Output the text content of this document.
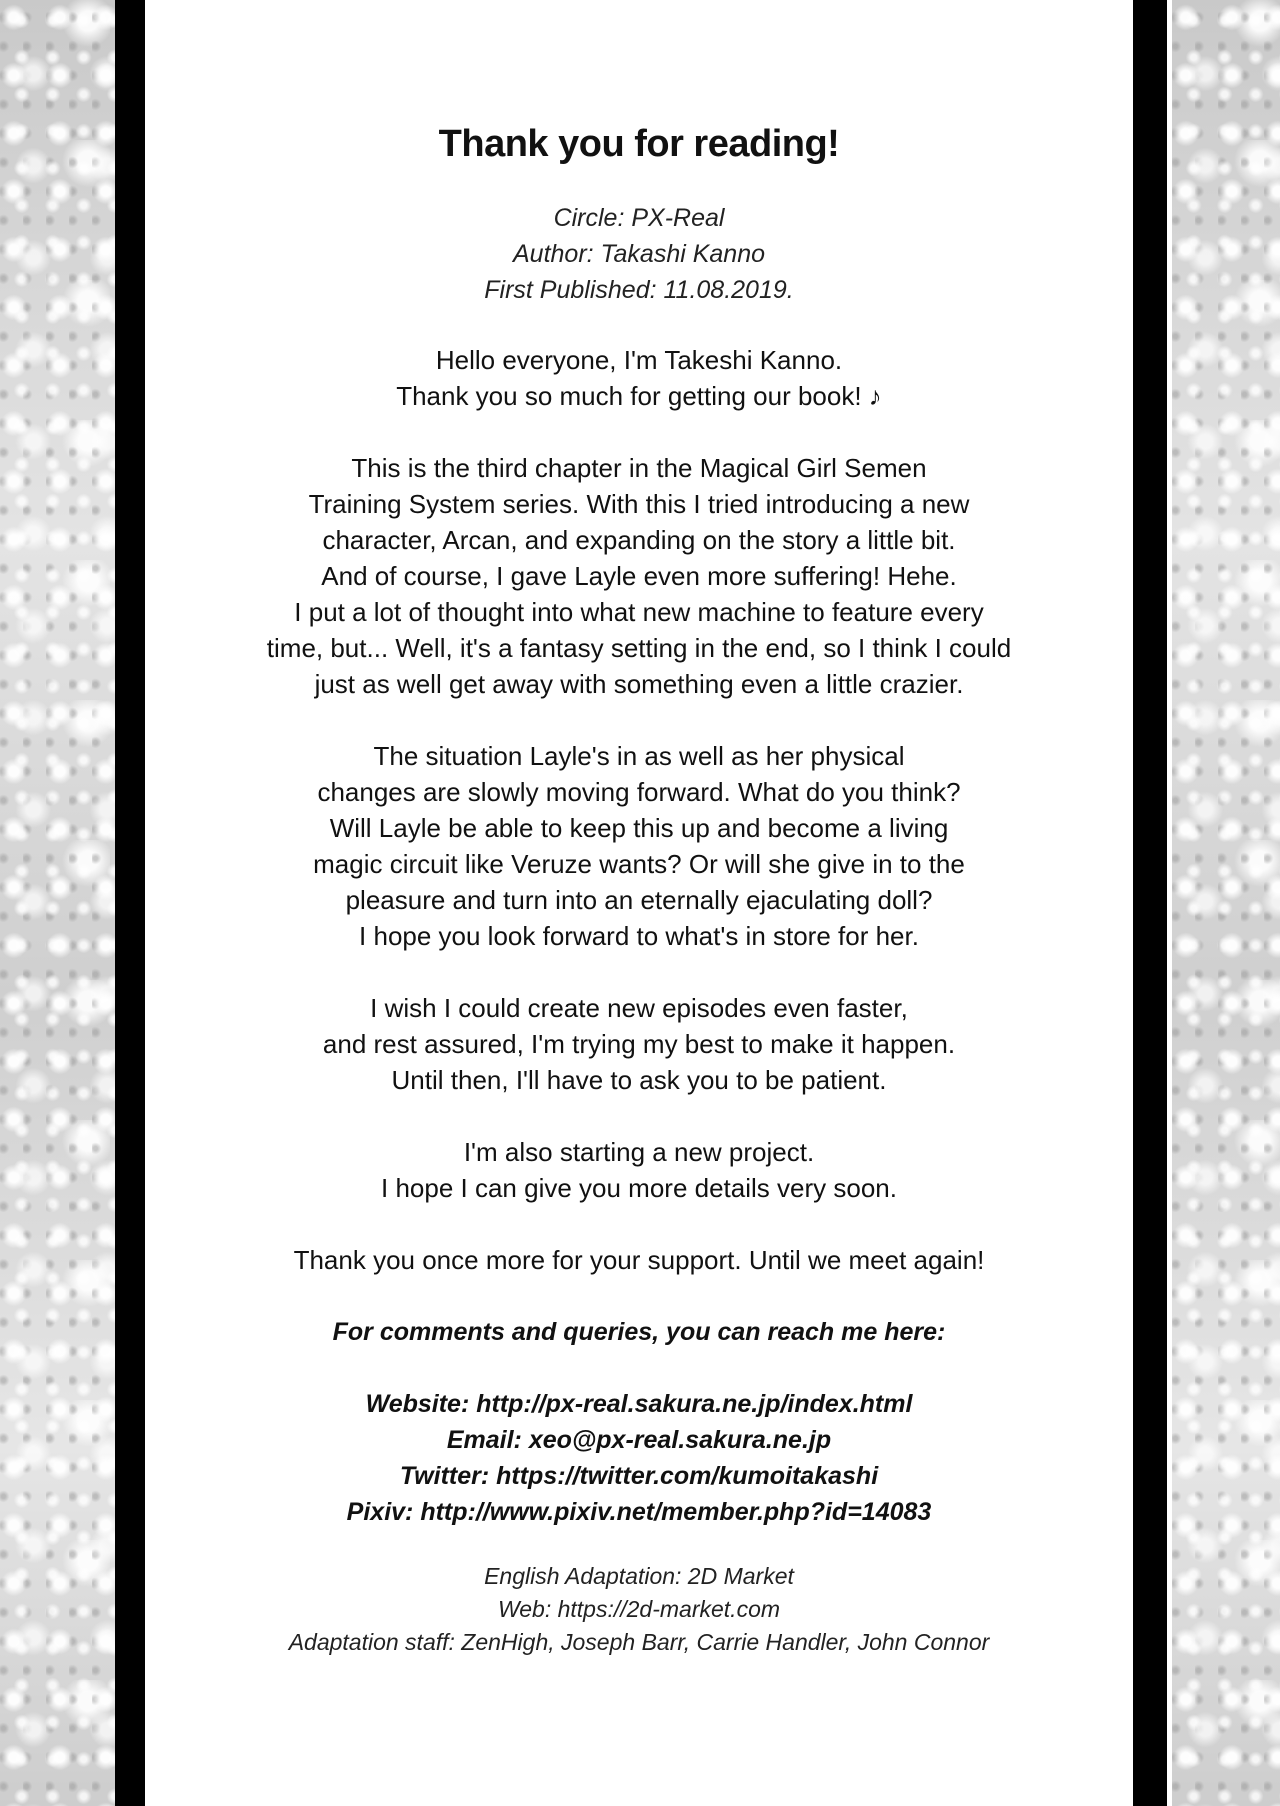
Thank you for reading!
Circle: PX-Real
Author: Takashi Kanno
First Published: 11.08.2019.
Hello everyone, I'm Takeshi Kanno.
Thank you so much for getting our book! ♪
This is the third chapter in the Magical Girl Semen
Training System series. With this I tried introducing a new
character, Arcan, and expanding on the story a little bit.
And of course, I gave Layle even more suffering! Hehe.
I put a lot of thought into what new machine to feature every
time, but... Well, it's a fantasy setting in the end, so I think I could
just as well get away with something even a little crazier.
The situation Layle's in as well as her physical
changes are slowly moving forward. What do you think?
Will Layle be able to keep this up and become a living
magic circuit like Veruze wants? Or will she give in to the
pleasure and turn into an eternally ejaculating doll?
I hope you look forward to what's in store for her.
I wish I could create new episodes even faster,
and rest assured, I'm trying my best to make it happen.
Until then, I'll have to ask you to be patient.
I'm also starting a new project.
I hope I can give you more details very soon.
Thank you once more for your support. Until we meet again!
For comments and queries, you can reach me here:
Website: http://px-real.sakura.ne.jp/index.html
Email: xeo@px-real.sakura.ne.jp
Twitter: https://twitter.com/kumoitakashi
Pixiv: http://www.pixiv.net/member.php?id=14083
English Adaptation: 2D Market
Web: https://2d-market.com
Adaptation staff: ZenHigh, Joseph Barr, Carrie Handler, John Connor
